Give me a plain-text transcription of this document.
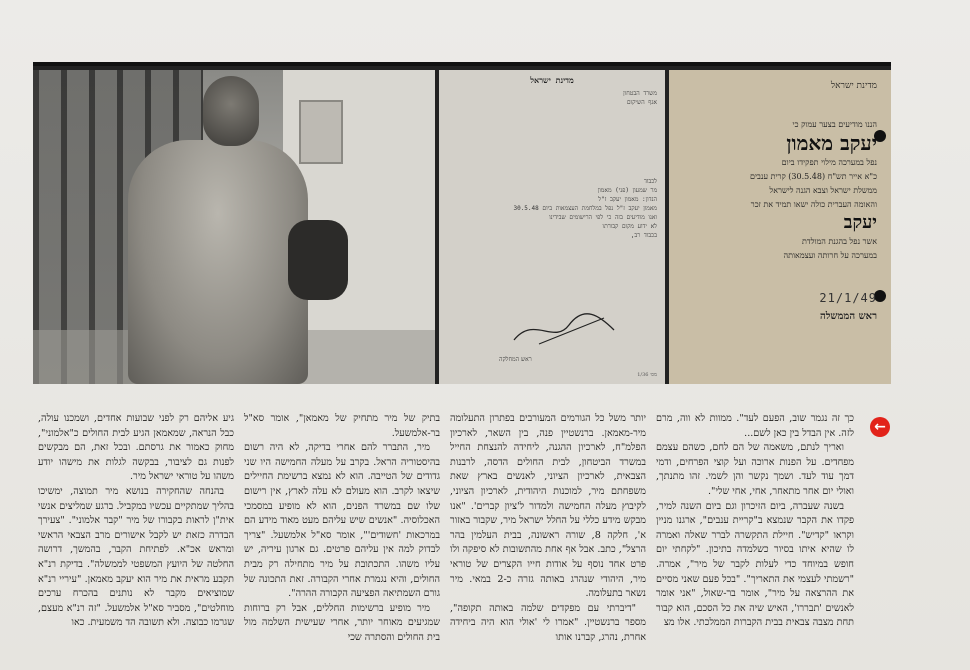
מדינת ישראל
משרד הבטחון
אגף השיקום
לכבוד
מר שמעון (פני) מאמון
הנדון: מאמון יעקב ז"ל
מאמון יעקב ז"ל נפל במלחמת העצמאות ביום 30.5.48
ואנו מודיעים בזה כי לפי הרישומים שבידינו
לא ידוע מקום קבורתו
בכבוד רב,
ראש המחלקה
מס׳ 1/36
מדינת ישראל
הננו מודיעים בצער עמוק כי
יעקב מאמון
נפל במערכה מילוי תפקידו ביום
כ"א אייר תש"ח (30.5.48) קרית ענבים
ממשלת ישראל וצבא הגנה לישראל
והאומה העברית כולה ישאו תמיד את זכר
יעקב
אשר נפל בהגנת המולדת
במערכה על חרותה ועצמאותה
21/1/49
ראש הממשלה
←

כך זה נגמר שוב, הפעם לעד". ממוות לא‏ ווה, מרם לזה. אין הבדל בין כאן לשם...

ואריך לנתם, משאמה של הם לחם, כשהם עצמם מפחדים. על הפנות ארוכה ועל קוצי הפרחים, ודמי דמך עוד לעד. ושמך נקשר והן לשמי. זהו מתנתך, ואולי יום אחר מתא‏חר, אחי, אחי שלי".

בשנה שעברה, ביום הזיכרון וגם ביום השנה למיר, פקדו את הקבר שנמצא ב"קריית ענבים", ארגנו מניין וקראו "קדיש". חיילת התקשרה לברר שאלה ואמרה לו שהיא איתו בסיור כשלמדה בתיכון. "לקחתי יום חופש במיוחד כדי לעלות לקבר של מיר", אמרה. "רשמתי לעצמי את התאריך". "בכל פעם שאני מסיים את ההרצאה על מיר", אומר בר-שאול, "אני אומר לאנשים 'תבררו', הא‏יש שיה את כל הסכם, הוא קבור תחת מצבה צבאית בבית הקברות הממלכתי. אלו מצ‏

יותר משל כל הגורמים המעורבים בפתרון התעלומה מיר-מאמאן. ברנשטיין פנה, בין השאר, לארכיון הפלמ"ח, לארכיון ההגנה, ליחידה להנצחת החייל במשרד הביטחון, לבית החולים הדסה, לרבנות הצבאית, לא‏רכיון הציוני, לאנשים בארץ שאת משפח‏תם מיר, למוכנות היהודית, לארכיון הציו‏ני, לקיבוץ מעלה החמישה ולמדור ל'ציון קברים'. "אנו מבקש מידע כללי על החלל ישראל מיר, שקבור באזור א', חלקה 8, שורה ראשונה, בבית העלמין בהר הרצל", כתב. אבל אף אחת מהתשובות לא סיפקה ולו פרט אחד נוסף על אודות חייו הקצרים של טוראי מיר, היהודי שנהרג באותה גזרה כ-2 במאי. מיר נשאר בתעלומה.

"דיברתי עם מפקדים שלמה באותה תקופה", מספר ברנשטיין. "אמרו לי 'אולי הוא היה ביחידה אחרת, נהרג, קברנו אותו

בתיק של מיר מתחיק של מאמאן", אומר סא"ל בר-אלמשעל.

מיר, התברר להם אחרי בדיקה, לא היה רשום בהיסטוריה הראל. בקרב על מעלה החמי‏שה היו שני גדודים של הטייבה. הוא לא נמצא ברשימת החיילים שיצאו לקרב. הוא מעולם לא עלה לארץ, אין רישום שלו שם במשרד הפנים, הוא לא מופיע במסמכי האכלוסיה. "אנשים שיש עליהם מעט מאוד מידע הם במרכאות 'חשודים'", אומר סא"ל אלמש‏על. "צריך לבדוק למה אין עליהם פרטים. גם ארגון עיריה, יש עליו משהו. התכתובת על מיר מתחילה רק מבית החולים, והיא נגמרת אחרי הקבורה. זאת התכונה של גורם השמ‏תיאה הפציעה הקבורה ההרה".

מיר מופיע ברשימות החללים, אבל רק ברוחות שמגיעים מאוחר יותר, אחרי שעי‏שית השלמה מול בית החולים והסתרה שכי

גיע אליהם רק לפני שבועות אחדים, וש‏מכנו עולה, כבל הנראה, שמאמאן הגיע לבית החולים כ"אלמוני", מחוק כאמור את גרסתם. ובכל זאת, הם מבקשים לפנות גם לציבור, בבקשה לגלות את מישהו יודע משהו על טוראי ישראל מיר.

בהנחה שהחקירה בנושא מיר תמוצה, ימשיכו בהליך שמתקיים עכשיו במקביל. ברגע שמליצים אנשי אית"ן לראות בקבורו של מיר "קבר אלמוני". "צעירך הבדרה כזאת יש לקבל אישורים מרב הצבאי הראשי ומ‏ראש אכ"א. לפתיחת הקבר, בהמשך, דרושה החלטה של היועץ המשפטי לממשלה". בדי‏קת רנ"א תקבע מראית את מיר הוא יעקב מאמאן. "עיריי רנ"א שמוציאים מקבר לא נותנים בהכרח ערכים מוחלטים", מסביר סא"ל אלמשעל. "זה רנ"א מעצם, שגר‏מו כבוצה. ולא תשובה הד משמעית. כאו
